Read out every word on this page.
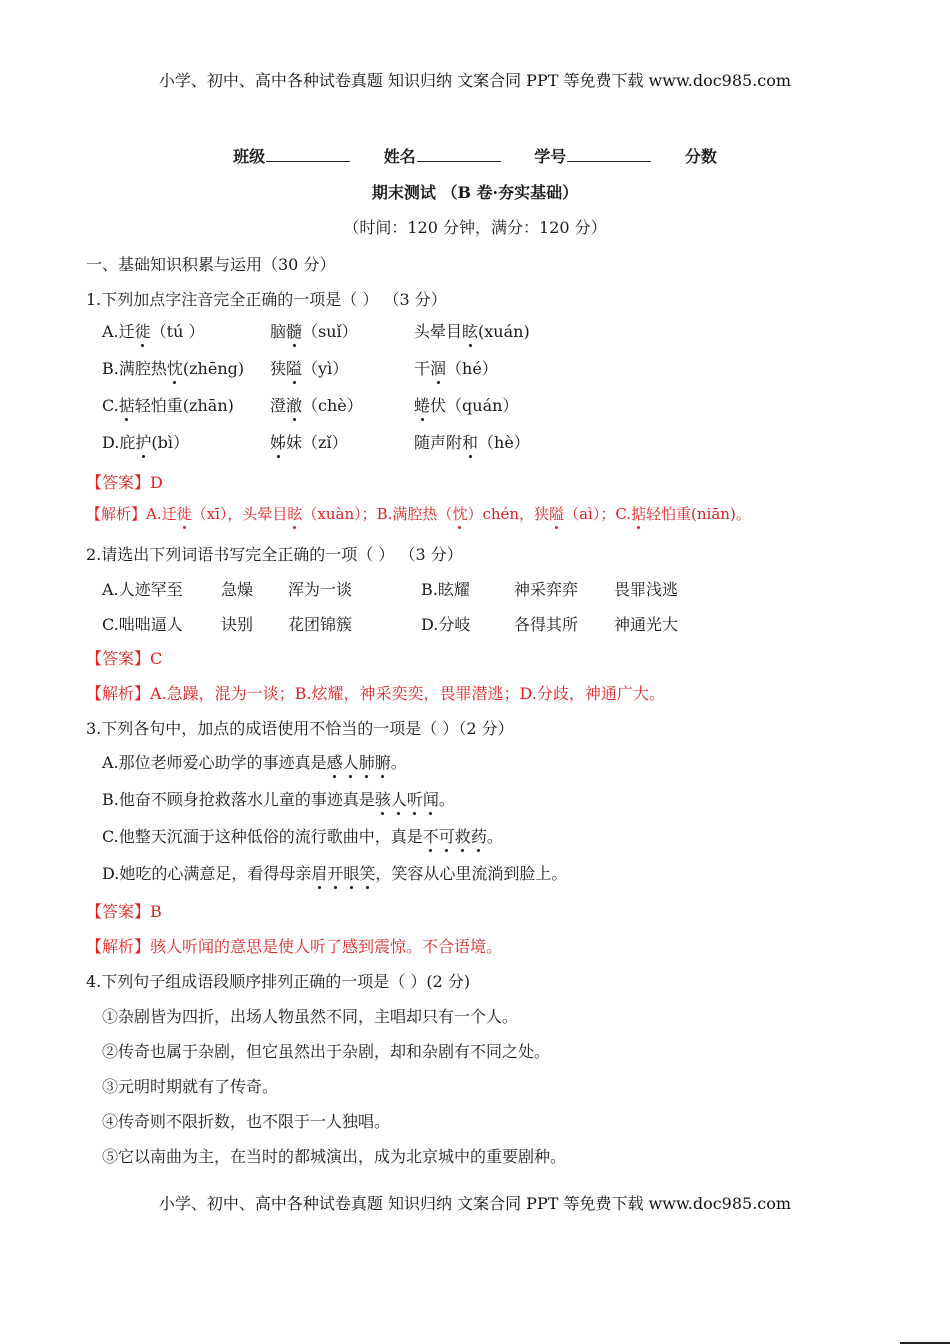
小学、初中、高中各种试卷真题 知识归纳 文案合同 PPT 等免费下载 www.doc985.com
班级	姓名	学号	分数
期末测试 （B 卷·夯实基础）
（时间：120 分钟，满分：120 分）
一、基础知识积累与运用（30 分）
1.下列加点字注音完全正确的一项是（ ） （3 分）
A.迁徙（tú ）	脑髓（suǐ）	头晕目眩(xuán)
B.满腔热忱(zhēng) 狭隘（yì）	干涸（hé）
C.掂轻怕重(zhān) 澄澈（chè）	蜷伏（quán）
D.庇护(bì）	姊妹（zǐ）	随声附和（hè）
【答案】D
【解析】A.迁徙（xī），头晕目眩（xuàn）；B.满腔热（忱）chén，狭隘（aì）；C.掂轻怕重(niān)。
2.请选出下列词语书写完全正确的一项（ ） （3 分）
A.人迹罕至 急燥 浑为一谈	B.眩耀	神采弈弈 畏罪浅逃
C.咄咄逼人 诀别 花团锦簇	D.分岐	各得其所 神通光大
【答案】C
【解析】A.急躁，混为一谈；B.炫耀，神采奕奕，畏罪潜逃；D.分歧，神通广大。
3.下列各句中，加点的成语使用不恰当的一项是（ ）（2 分）
A.那位老师爱心助学的事迹真是感人肺腑。
B.他奋不顾身抢救落水儿童的事迹真是骇人听闻。
C.他整天沉湎于这种低俗的流行歌曲中，真是不可救药。
D.她吃的心满意足，看得母亲眉开眼笑，笑容从心里流淌到脸上。
【答案】B
【解析】骇人听闻的意思是使人听了感到震惊。不合语境。
4.下列句子组成语段顺序排列正确的一项是（ ）(2 分)
①杂剧皆为四折，出场人物虽然不同，主唱却只有一个人。
②传奇也属于杂剧，但它虽然出于杂剧，却和杂剧有不同之处。
③元明时期就有了传奇。
④传奇则不限折数，也不限于一人独唱。
⑤它以南曲为主，在当时的都城演出，成为北京城中的重要剧种。
小学、初中、高中各种试卷真题 知识归纳 文案合同 PPT 等免费下载 www.doc985.com
